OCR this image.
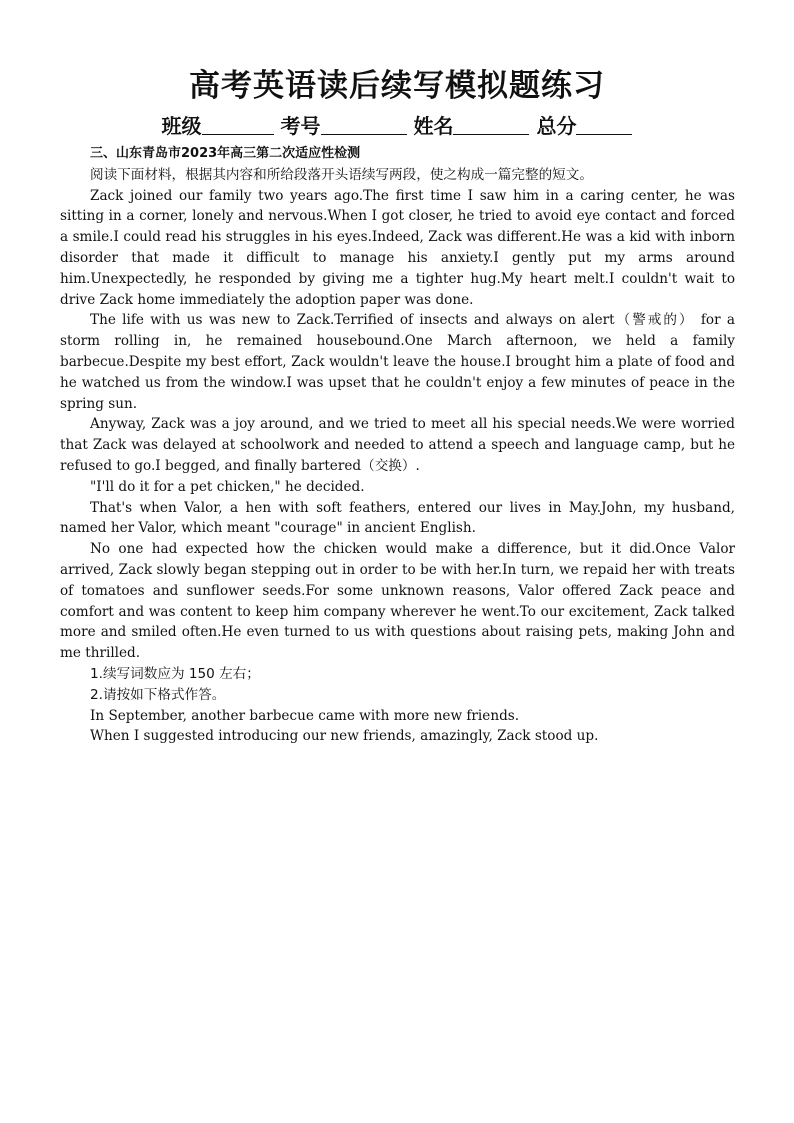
高考英语读后续写模拟题练习
班级	考号	姓名	总分

三、山东青岛市2023年高三第二次适应性检测

阅读下面材料，根据其内容和所给段落开头语续写两段，使之构成一篇完整的短文。

Zack joined our family two years ago.The first time I saw him in a caring center, he was sitting in a corner, lonely and nervous.When I got closer, he tried to avoid eye contact and forced a smile.I could read his struggles in his eyes.Indeed, Zack was different.He was a kid with inborn disorder that made it difficult to manage his anxiety.I gently put my arms around him.Unexpectedly, he responded by giving me a tighter hug.My heart melt.I couldn't wait to drive Zack home immediately the adoption paper was done.

The life with us was new to Zack.Terrified of insects and always on alert（警戒的） for a storm rolling in, he remained housebound.One March afternoon, we held a family barbecue.Despite my best effort, Zack wouldn't leave the house.I brought him a plate of food and he watched us from the window.I was upset that he couldn't enjoy a few minutes of peace in the spring sun.

Anyway, Zack was a joy around, and we tried to meet all his special needs.We were worried that Zack was delayed at schoolwork and needed to attend a speech and language camp, but he refused to go.I begged, and finally bartered（交换）.

"I'll do it for a pet chicken," he decided.

That's when Valor, a hen with soft feathers, entered our lives in May.John, my husband, named her Valor, which meant "courage" in ancient English.

No one had expected how the chicken would make a difference, but it did.Once Valor arrived, Zack slowly began stepping out in order to be with her.In turn, we repaid her with treats of tomatoes and sunflower seeds.For some unknown reasons, Valor offered Zack peace and comfort and was content to keep him company wherever he went.To our excitement, Zack talked more and smiled often.He even turned to us with questions about raising pets, making John and me thrilled.

1.续写词数应为 150 左右；

2.请按如下格式作答。

In September, another barbecue came with more new friends.

When I suggested introducing our new friends, amazingly, Zack stood up.
